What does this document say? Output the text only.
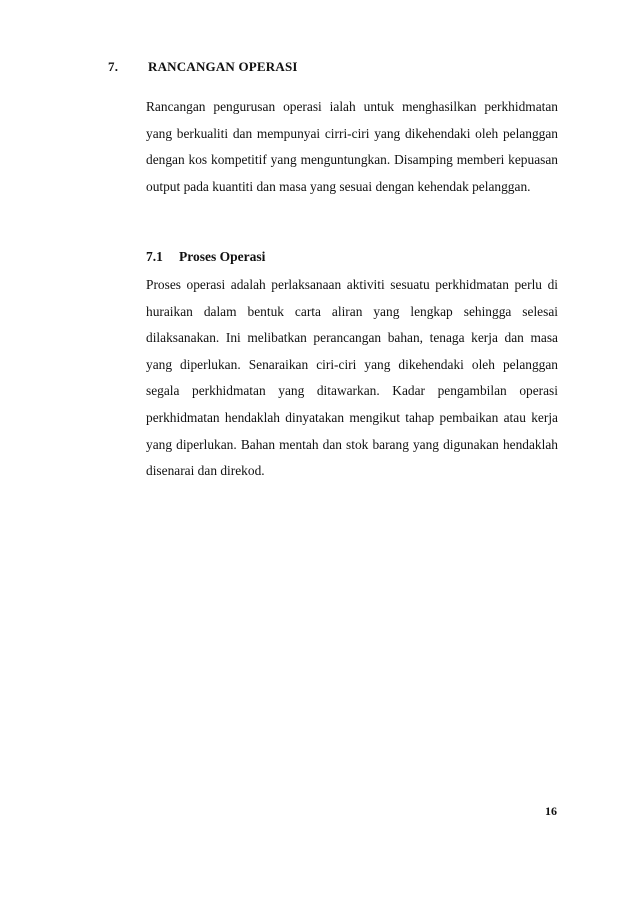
7. RANCANGAN OPERASI
Rancangan pengurusan operasi ialah untuk menghasilkan perkhidmatan yang berkualiti dan mempunyai cirri-ciri yang dikehendaki oleh pelanggan dengan kos kompetitif yang menguntungkan. Disamping memberi kepuasan output pada kuantiti dan masa yang sesuai dengan kehendak pelanggan.
7.1 Proses Operasi
Proses operasi adalah perlaksanaan aktiviti sesuatu perkhidmatan perlu di huraikan dalam bentuk carta aliran yang lengkap sehingga selesai dilaksanakan. Ini melibatkan perancangan bahan, tenaga kerja dan masa yang diperlukan. Senaraikan ciri-ciri yang dikehendaki oleh pelanggan segala perkhidmatan yang ditawarkan. Kadar pengambilan operasi perkhidmatan hendaklah dinyatakan mengikut tahap pembaikan atau kerja yang diperlukan. Bahan mentah dan stok barang yang digunakan hendaklah disenarai dan direkod.
16
